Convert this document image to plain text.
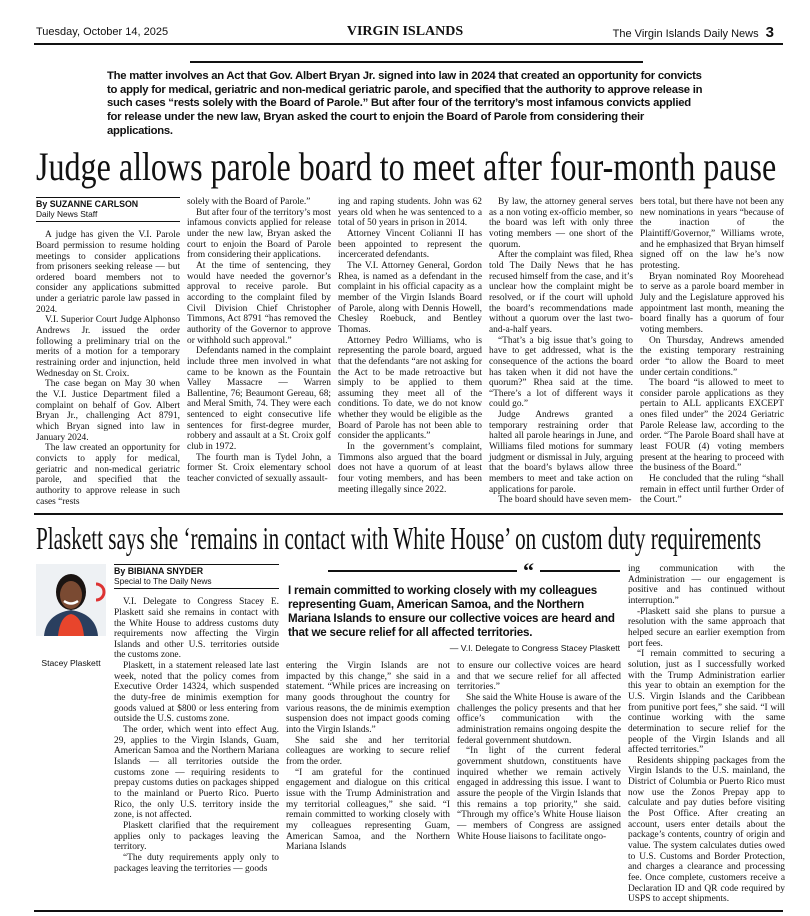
Tuesday, October 14, 2025	VIRGIN ISLANDS	The Virgin Islands Daily News 3
The matter involves an Act that Gov. Albert Bryan Jr. signed into law in 2024 that created an opportunity for convicts to apply for medical, geriatric and non-medical geriatric parole, and specified that the authority to approve release in such cases “rests solely with the Board of Parole.” But after four of the territory’s most infamous convicts applied for release under the new law, Bryan asked the court to enjoin the Board of Parole from considering their applications.
Judge allows parole board to meet after four-month pause
By SUZANNE CARLSON
Daily News Staff

A judge has given the V.I. Parole Board permission to resume holding meetings to consider applications from prisoners seeking release — but ordered board members not to consider any applications submitted under a geriatric parole law passed in 2024.

V.I. Superior Court Judge Alphonso Andrews Jr. issued the order following a preliminary trial on the merits of a motion for a temporary restraining order and injunction, held Wednesday on St. Croix.

The case began on May 30 when the V.I. Justice Department filed a complaint on behalf of Gov. Albert Bryan Jr., challenging Act 8791, which Bryan signed into law in January 2024.

The law created an opportunity for convicts to apply for medical, geriatric and non-medical geriatric parole, and specified that the authority to approve release in such cases “rests

solely with the Board of Parole.”

But after four of the territory’s most infamous convicts applied for release under the new law, Bryan asked the court to enjoin the Board of Parole from considering their applications.

At the time of sentencing, they would have needed the governor’s approval to receive parole. But according to the complaint filed by Civil Division Chief Christopher Timmons, Act 8791 “has removed the authority of the Governor to approve or withhold such approval.”

Defendants named in the complaint include three men involved in what came to be known as the Fountain Valley Massacre — Warren Ballentine, 76; Beaumont Gereau, 68; and Meral Smith, 74. They were each sentenced to eight consecutive life sentences for first-degree murder, robbery and assault at a St. Croix golf club in 1972.

The fourth man is Tydel John, a former St. Croix elementary school teacher convicted of sexually assault-

ing and raping students. John was 62 years old when he was sentenced to a total of 50 years in prison in 2014.

Attorney Vincent Colianni II has been appointed to represent the incercerated defendants.

The V.I. Attorney General, Gordon Rhea, is named as a defendant in the complaint in his official capacity as a member of the Virgin Islands Board of Parole, along with Dennis Howell, Chesley Roebuck, and Bentley Thomas.

Attorney Pedro Williams, who is representing the parole board, argued that the defendants “are not asking for the Act to be made retroactive but simply to be applied to them assuming they meet all of the conditions. To date, we do not know whether they would be eligible as the Board of Parole has not been able to consider the applicants.”

In the government’s complaint, Timmons also argued that the board does not have a quorum of at least four voting members, and has been meeting illegally since 2022.

By law, the attorney general serves as a non voting ex-officio member, so the board was left with only three voting members — one short of the quorum.

After the complaint was filed, Rhea told The Daily News that he has recused himself from the case, and it’s unclear how the complaint might be resolved, or if the court will uphold the board’s recommendations made without a quorum over the last two-and-a-half years.

“That’s a big issue that’s going to have to get addressed, what is the consequence of the actions the board has taken when it did not have the quorum?” Rhea said at the time. “There’s a lot of different ways it could go.”

Judge Andrews granted a temporary restraining order that halted all parole hearings in June, and Williams filed motions for summary judgment or dismissal in July, arguing that the board’s bylaws allow three members to meet and take action on applications for parole.

The board should have seven mem-

bers total, but there have not been any new nominations in years “because of the inaction of the Plaintiff/Governor,” Williams wrote, and he emphasized that Bryan himself signed off on the law he’s now protesting.

Bryan nominated Roy Moorehead to serve as a parole board member in July and the Legislature approved his appointment last month, meaning the board finally has a quorum of four voting members.

On Thursday, Andrews amended the existing temporary restraining order “to allow the Board to meet under certain conditions.”

The board “is allowed to meet to consider parole applications as they pertain to ALL applicants EXCEPT ones filed under” the 2024 Geriatric Parole Release law, according to the order. “The Parole Board shall have at least FOUR (4) voting members present at the hearing to proceed with the business of the Board.”

He concluded that the ruling “shall remain in effect until further Order of the Court.”

Plaskett says she ‘remains in contact with White House’ on custom duty requirements
Stacey Plaskett
By BIBIANA SNYDER
Special to The Daily News

V.I. Delegate to Congress Stacey E. Plaskett said she remains in contact with the White House to address customs duty requirements now affecting the Virgin Islands and other U.S. territories outside the customs zone.

Plaskett, in a statement released late last week, noted that the policy comes from Executive Order 14324, which suspended the duty-free de minimis exemption for goods valued at $800 or less entering from outside the U.S. customs zone.

The order, which went into effect Aug. 29, applies to the Virgin Islands, Guam, American Samoa and the Northern Mariana Islands — all territories outside the customs zone — requiring residents to prepay customs duties on packages shipped to the mainland or Puerto Rico. Puerto Rico, the only U.S. territory inside the zone, is not affected.

Plaskett clarified that the requirement applies only to packages leaving the territory.

“The duty requirements apply only to packages leaving the territories — goods

“
I remain committed to working closely with my colleagues representing Guam, American Samoa, and the Northern Mariana Islands to ensure our collective voices are heard and that we secure relief for all affected territories.
— V.I. Delegate to Congress Stacey Plaskett

entering the Virgin Islands are not impacted by this change,” she said in a statement. “While prices are increasing on many goods throughout the country for various reasons, the de minimis exemption suspension does not impact goods coming into the Virgin Islands.”

She said she and her territorial colleagues are working to secure relief from the order.

“I am grateful for the continued engagement and dialogue on this critical issue with the Trump Administration and my territorial colleagues,” she said. “I remain committed to working closely with my colleagues representing Guam, American Samoa, and the Northern Mariana Islands

to ensure our collective voices are heard and that we secure relief for all affected territories.”

She said the White House is aware of the challenges the policy presents and that her office’s communication with the administration remains ongoing despite the federal government shutdown.

“In light of the current federal government shutdown, constituents have inquired whether we remain actively engaged in addressing this issue. I want to assure the people of the Virgin Islands that this remains a top priority,” she said. “Through my office’s White House liaison — members of Congress are assigned White House liaisons to facilitate ongo-

ing communication with the Administration — our engagement is positive and has continued without interruption.”

-Plaskett said she plans to pursue a resolution with the same approach that helped secure an earlier exemption from port fees.

“I remain committed to securing a solution, just as I successfully worked with the Trump Administration earlier this year to obtain an exemption for the U.S. Virgin Islands and the Caribbean from punitive port fees,” she said. “I will continue working with the same determination to secure relief for the people of the Virgin Islands and all affected territories.”

Residents shipping packages from the Virgin Islands to the U.S. mainland, the District of Columbia or Puerto Rico must now use the Zonos Prepay app to calculate and pay duties before visiting the Post Office. After creating an account, users enter details about the package’s contents, country of origin and value. The system calculates duties owed to U.S. Customs and Border Protection, and charges a clearance and processing fee. Once complete, customers receive a Declaration ID and QR code required by USPS to accept shipments.
